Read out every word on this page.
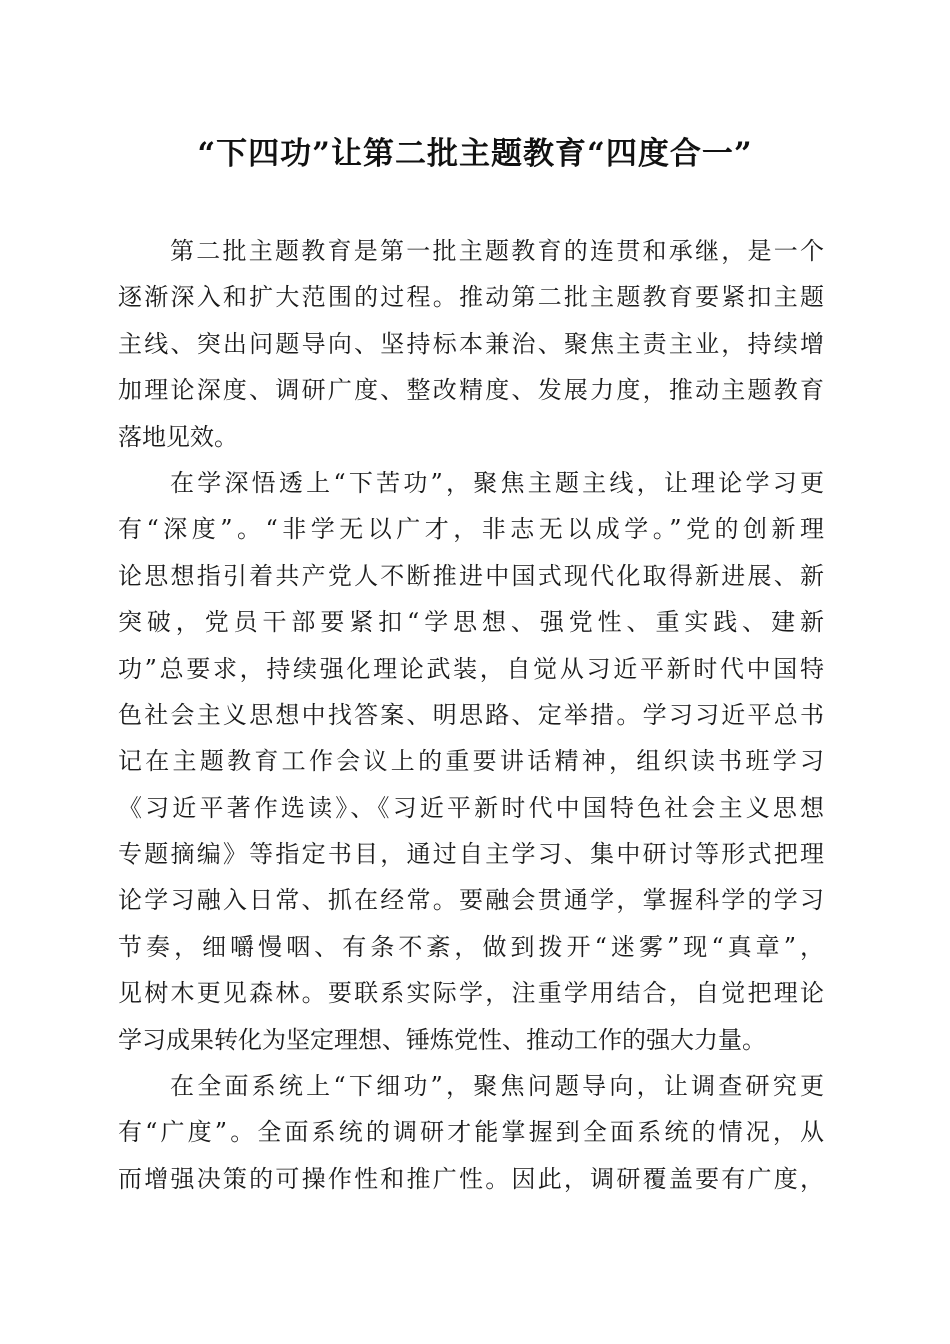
“下四功”让第二批主题教育“四度合一”
第二批主题教育是第一批主题教育的连贯和承继，是一个
逐渐深入和扩大范围的过程。推动第二批主题教育要紧扣主题
主线、突出问题导向、坚持标本兼治、聚焦主责主业，持续增
加理论深度、调研广度、整改精度、发展力度，推动主题教育
落地见效。
在学深悟透上“下苦功”，聚焦主题主线，让理论学习更
有“深度”。“非学无以广才，非志无以成学。”党的创新理
论思想指引着共产党人不断推进中国式现代化取得新进展、新
突破，党员干部要紧扣“学思想、强党性、重实践、建新
功”总要求，持续强化理论武装，自觉从习近平新时代中国特
色社会主义思想中找答案、明思路、定举措。学习习近平总书
记在主题教育工作会议上的重要讲话精神，组织读书班学习
《习近平著作选读》、《习近平新时代中国特色社会主义思想
专题摘编》等指定书目，通过自主学习、集中研讨等形式把理
论学习融入日常、抓在经常。要融会贯通学，掌握科学的学习
节奏，细嚼慢咽、有条不紊，做到拨开“迷雾”现“真章”，
见树木更见森林。要联系实际学，注重学用结合，自觉把理论
学习成果转化为坚定理想、锤炼党性、推动工作的强大力量。
在全面系统上“下细功”，聚焦问题导向，让调查研究更
有“广度”。全面系统的调研才能掌握到全面系统的情况，从
而增强决策的可操作性和推广性。因此，调研覆盖要有广度，
